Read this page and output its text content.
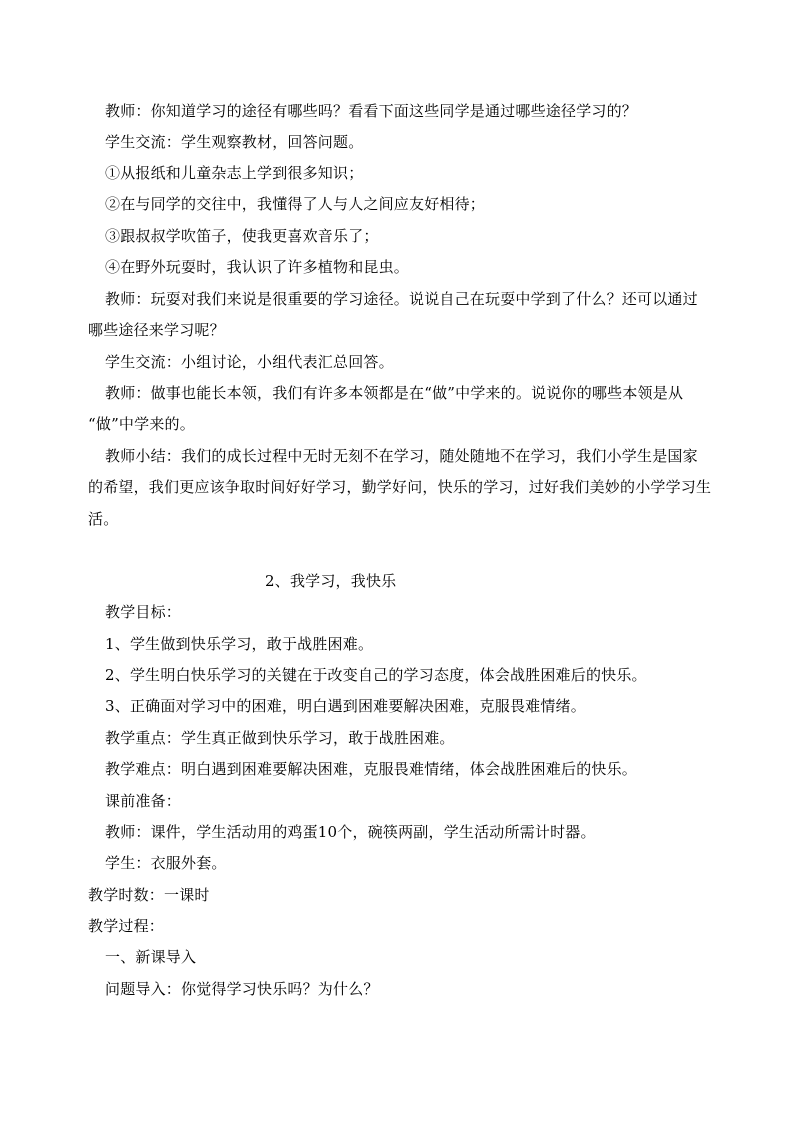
教师：你知道学习的途径有哪些吗？看看下面这些同学是通过哪些途径学习的？
学生交流：学生观察教材，回答问题。
①从报纸和儿童杂志上学到很多知识；
②在与同学的交往中，我懂得了人与人之间应友好相待；
③跟叔叔学吹笛子，使我更喜欢音乐了；
④在野外玩耍时，我认识了许多植物和昆虫。
教师：玩耍对我们来说是很重要的学习途径。说说自己在玩耍中学到了什么？还可以通过
哪些途径来学习呢？
学生交流：小组讨论，小组代表汇总回答。
教师：做事也能长本领，我们有许多本领都是在“做”中学来的。说说你的哪些本领是从
“做”中学来的。
教师小结：我们的成长过程中无时无刻不在学习，随处随地不在学习，我们小学生是国家
的希望，我们更应该争取时间好好学习，勤学好问，快乐的学习，过好我们美妙的小学学习生
活。
2、我学习，我快乐
教学目标：
1、学生做到快乐学习，敢于战胜困难。
2、学生明白快乐学习的关键在于改变自己的学习态度，体会战胜困难后的快乐。
3、正确面对学习中的困难，明白遇到困难要解决困难，克服畏难情绪。
教学重点：学生真正做到快乐学习，敢于战胜困难。
教学难点：明白遇到困难要解决困难，克服畏难情绪，体会战胜困难后的快乐。
课前准备：
教师：课件，学生活动用的鸡蛋10个，碗筷两副，学生活动所需计时器。
学生：衣服外套。
教学时数：一课时
教学过程：
一、新课导入
问题导入：你觉得学习快乐吗？为什么？
